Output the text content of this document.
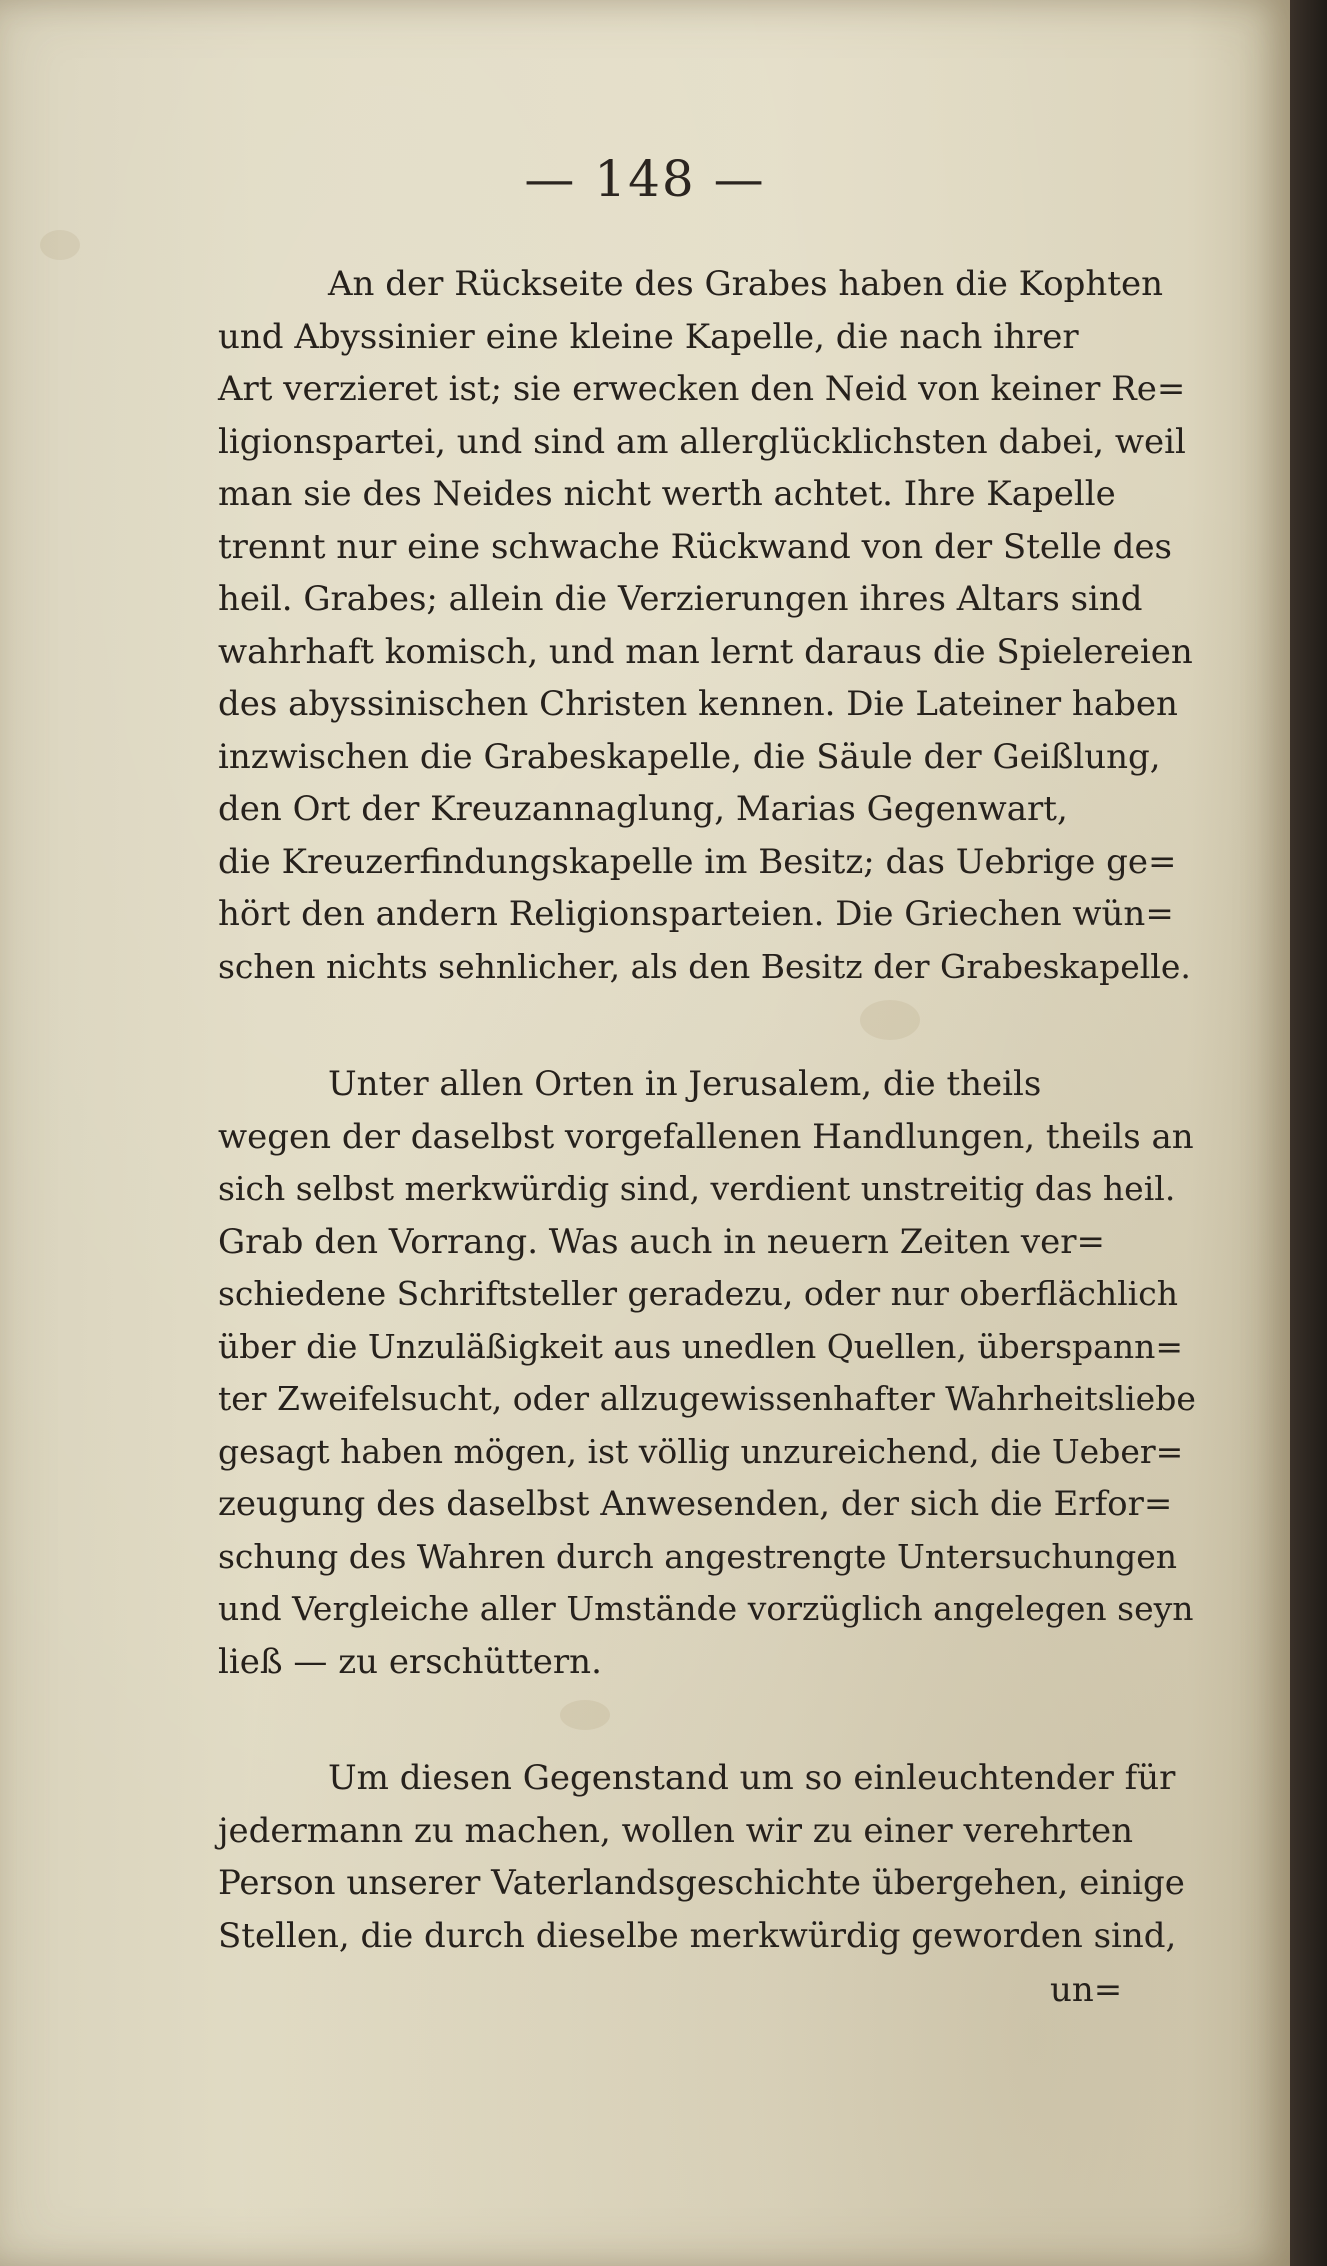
— 148 —
An der Rückseite des Grabes haben die Kophten
und Abyssinier eine kleine Kapelle, die nach ihrer
Art verzieret ist; sie erwecken den Neid von keiner Re=
ligionspartei, und sind am allerglücklichsten dabei, weil
man sie des Neides nicht werth achtet. Ihre Kapelle
trennt nur eine schwache Rückwand von der Stelle des
heil. Grabes; allein die Verzierungen ihres Altars sind
wahrhaft komisch, und man lernt daraus die Spielereien
des abyssinischen Christen kennen. Die Lateiner haben
inzwischen die Grabeskapelle, die Säule der Geißlung,
den Ort der Kreuzannaglung, Marias Gegenwart,
die Kreuzerfindungskapelle im Besitz; das Uebrige ge=
hört den andern Religionsparteien. Die Griechen wün=
schen nichts sehnlicher, als den Besitz der Grabeskapelle.
Unter allen Orten in Jerusalem, die theils
wegen der daselbst vorgefallenen Handlungen, theils an
sich selbst merkwürdig sind, verdient unstreitig das heil.
Grab den Vorrang. Was auch in neuern Zeiten ver=
schiedene Schriftsteller geradezu, oder nur oberflächlich
über die Unzuläßigkeit aus unedlen Quellen, überspann=
ter Zweifelsucht, oder allzugewissenhafter Wahrheitsliebe
gesagt haben mögen, ist völlig unzureichend, die Ueber=
zeugung des daselbst Anwesenden, der sich die Erfor=
schung des Wahren durch angestrengte Untersuchungen
und Vergleiche aller Umstände vorzüglich angelegen seyn
ließ — zu erschüttern.
Um diesen Gegenstand um so einleuchtender für
jedermann zu machen, wollen wir zu einer verehrten
Person unserer Vaterlandsgeschichte übergehen, einige
Stellen, die durch dieselbe merkwürdig geworden sind,
un=
